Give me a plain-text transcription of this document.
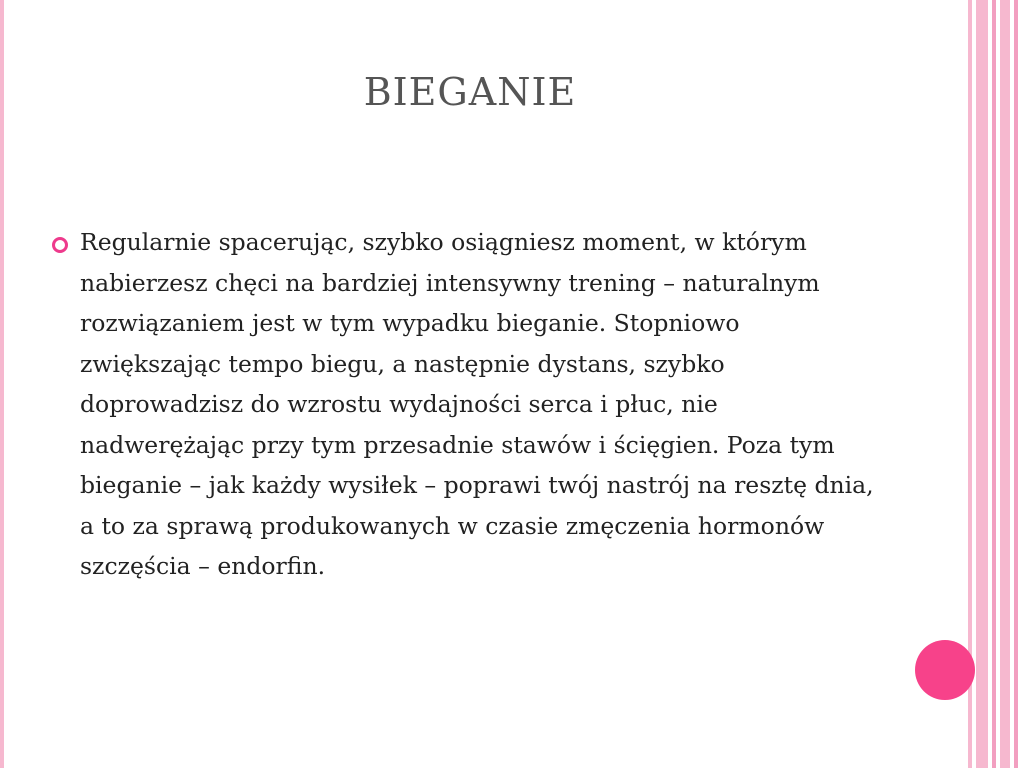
BIEGANIE

Regularnie spacerując, szybko osiągniesz moment, w którym nabierzesz chęci na bardziej intensywny trening – naturalnym rozwiązaniem jest w tym wypadku bieganie. Stopniowo zwiększając tempo biegu, a następnie dystans, szybko doprowadzisz do wzrostu wydajności serca i płuc, nie nadwerężając przy tym przesadnie stawów i ścięgien. Poza tym bieganie – jak każdy wysiłek – poprawi twój nastrój na resztę dnia, a to za sprawą produkowanych w czasie zmęczenia hormonów szczęścia – endorfin.
